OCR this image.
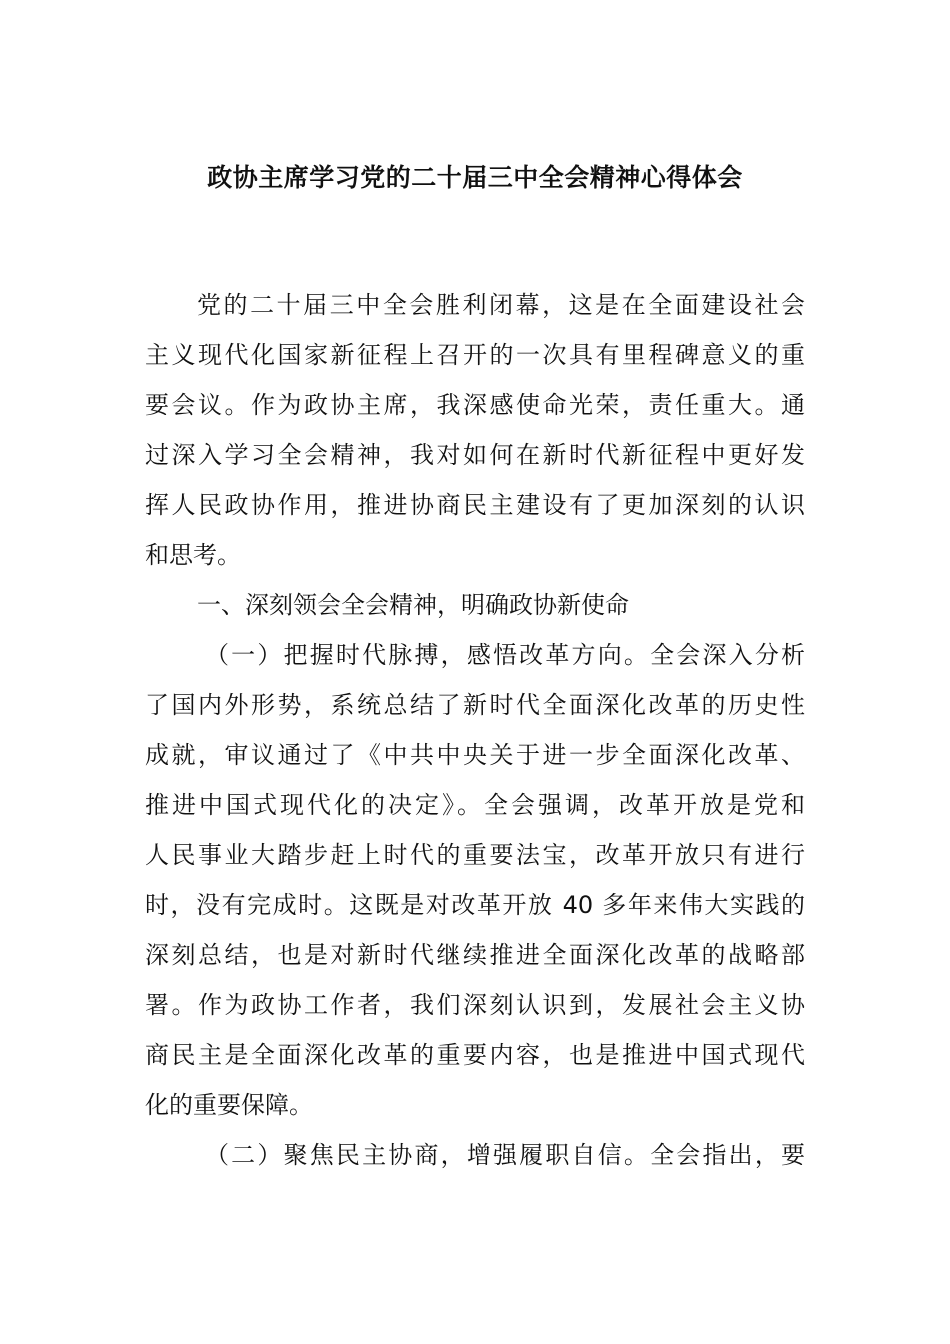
政协主席学习党的二十届三中全会精神心得体会
党的二十届三中全会胜利闭幕，这是在全面建设社会
主义现代化国家新征程上召开的一次具有里程碑意义的重
要会议。作为政协主席，我深感使命光荣，责任重大。通
过深入学习全会精神，我对如何在新时代新征程中更好发
挥人民政协作用，推进协商民主建设有了更加深刻的认识
和思考。
一、深刻领会全会精神，明确政协新使命
（一）把握时代脉搏，感悟改革方向。全会深入分析
了国内外形势，系统总结了新时代全面深化改革的历史性
成就，审议通过了《中共中央关于进一步全面深化改革、
推进中国式现代化的决定》。全会强调，改革开放是党和
人民事业大踏步赶上时代的重要法宝，改革开放只有进行
时，没有完成时。这既是对改革开放 40 多年来伟大实践的
深刻总结，也是对新时代继续推进全面深化改革的战略部
署。作为政协工作者，我们深刻认识到，发展社会主义协
商民主是全面深化改革的重要内容，也是推进中国式现代
化的重要保障。
（二）聚焦民主协商，增强履职自信。全会指出，要
